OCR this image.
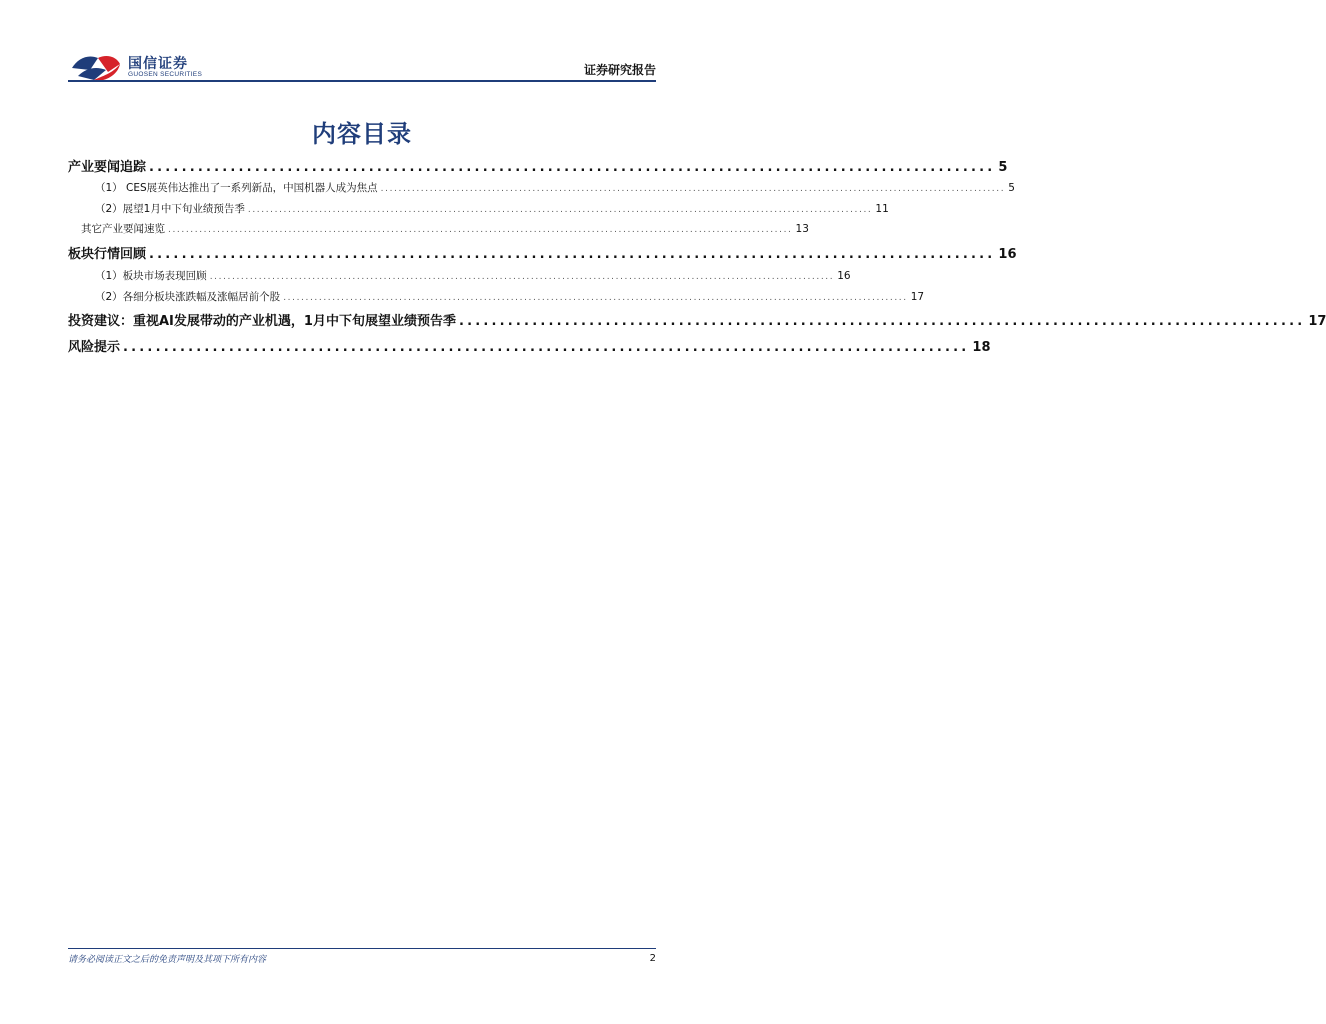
国信证券
GUOSEN SECURITIES	证券研究报告
内容目录
产业要闻追踪 ........................................................................................................ 5
（1） CES展英伟达推出了一系列新品，中国机器人成为焦点 ............................................................................................................................................ 5
（2）展望1月中下旬业绩预告季 ............................................................................................................................................ 11
其它产业要闻速览 ............................................................................................................................................ 13
板块行情回顾 ........................................................................................................ 16
（1）板块市场表现回顾 ............................................................................................................................................ 16
（2）各细分板块涨跌幅及涨幅居前个股 ............................................................................................................................................ 17
投资建议：重视AI发展带动的产业机遇，1月中下旬展望业绩预告季 ........................................................................................................ 17
风险提示 ........................................................................................................ 18
请务必阅读正文之后的免责声明及其项下所有内容	2
